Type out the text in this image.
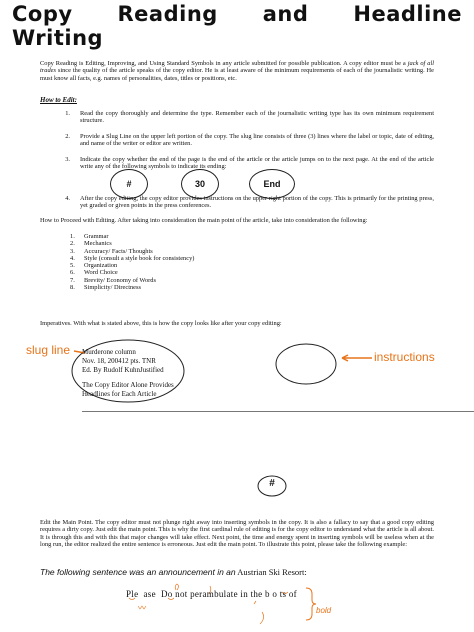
Copy Reading and Headline
Writing

Copy Reading is Editing, Improving, and Using Standard Symbols in any article submitted for possible publication. A copy editor must be a jack of all trades since the quality of the article speaks of the copy editor. He is at least aware of the minimum requirements of each of the journalistic writing. He must know all facts, e.g. names of personalities, dates, titles or positions, etc.

How to Edit:
1.	Read the copy thoroughly and determine the type. Remember each of the journalistic writing type has its own minimum requirement structure.
2.	Provide a Slug Line on the upper left portion of the copy. The slug line consists of three (3) lines where the label or topic, date of editing, and name of the writer or editor are written.
3.	Indicate the copy whether the end of the page is the end of the article or the article jumps on to the next page. At the end of the article write any of the following symbols to indicate its ending:
#	30	End
4.	After the copy editing, the copy editor provides instructions on the upper right portion of the copy. This is primarily for the printing press, yet graded or given points in the press conferences.
How to Proceed with Editing. After taking into consideration the main point of the article, take into consideration the following:
1.	Grammar
2.	Mechanics
3.	Accuracy/ Facts/ Thoughts
4.	Style (consult a style book for consistency)
5.	Organization
6.	Word Choice
7.	Brevity/ Economy of Words
8.	Simplicity/ Directness
Imperatives. With what is stated above, this is how the copy looks like after your copy editing:
slug line	instructions
Murderone column
Nov. 18, 200412 pts. TNR
Ed. By Rudolf KuhnJustified
The Copy Editor Alone Provides
Headlines for Each Article
#
Edit the Main Point. The copy editor must not plunge right away into inserting symbols in the copy. It is also a fallacy to say that a good copy editing requires a dirty copy. Just edit the main point. This is why the first cardinal rule of editing is for the copy editor to understand what the article is all about. It is through this and with this that major changes will take effect. Next point, the time and energy spent in inserting symbols will be useless when at the long run, the editor realized the entire sentence is erroneous. Just edit the main point. To illustrate this point, please take the following example:
The following sentence was an announcement in an Austrian Ski Resort:
Ple  ase  Do not perambulate in the b o ts of
bold
